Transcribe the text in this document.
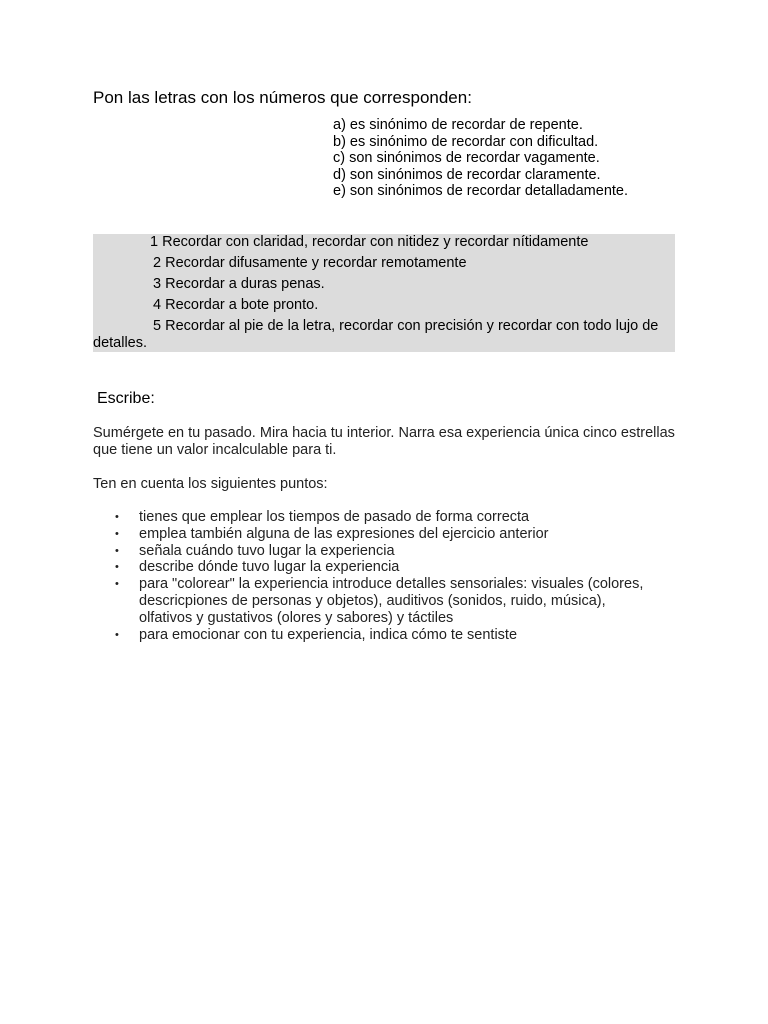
Pon las letras con los números que corresponden:
a) es sinónimo de recordar de repente.
b) es sinónimo de recordar con dificultad.
c) son sinónimos de recordar vagamente.
d) son sinónimos de recordar claramente.
e) son sinónimos de recordar detalladamente.
1 Recordar con claridad, recordar con nitidez y recordar nítidamente
2 Recordar difusamente y recordar remotamente
3 Recordar a duras penas.
4 Recordar a bote pronto.
5 Recordar al pie de la letra, recordar con precisión y recordar con todo lujo de detalles.
Escribe:

Sumérgete en tu pasado. Mira hacia tu interior. Narra esa experiencia única cinco estrellas que tiene un valor incalculable para ti.

Ten en cuenta los siguientes puntos:

• tienes que emplear los tiempos de pasado de forma correcta
• emplea también alguna de las expresiones del ejercicio anterior
• señala cuándo tuvo lugar la experiencia
• describe dónde tuvo lugar la experiencia
• para "colorear" la experiencia introduce detalles sensoriales: visuales (colores, descricpiones de personas y objetos), auditivos (sonidos, ruido, música), olfativos y gustativos (olores y sabores) y táctiles
• para emocionar con tu experiencia, indica cómo te sentiste
